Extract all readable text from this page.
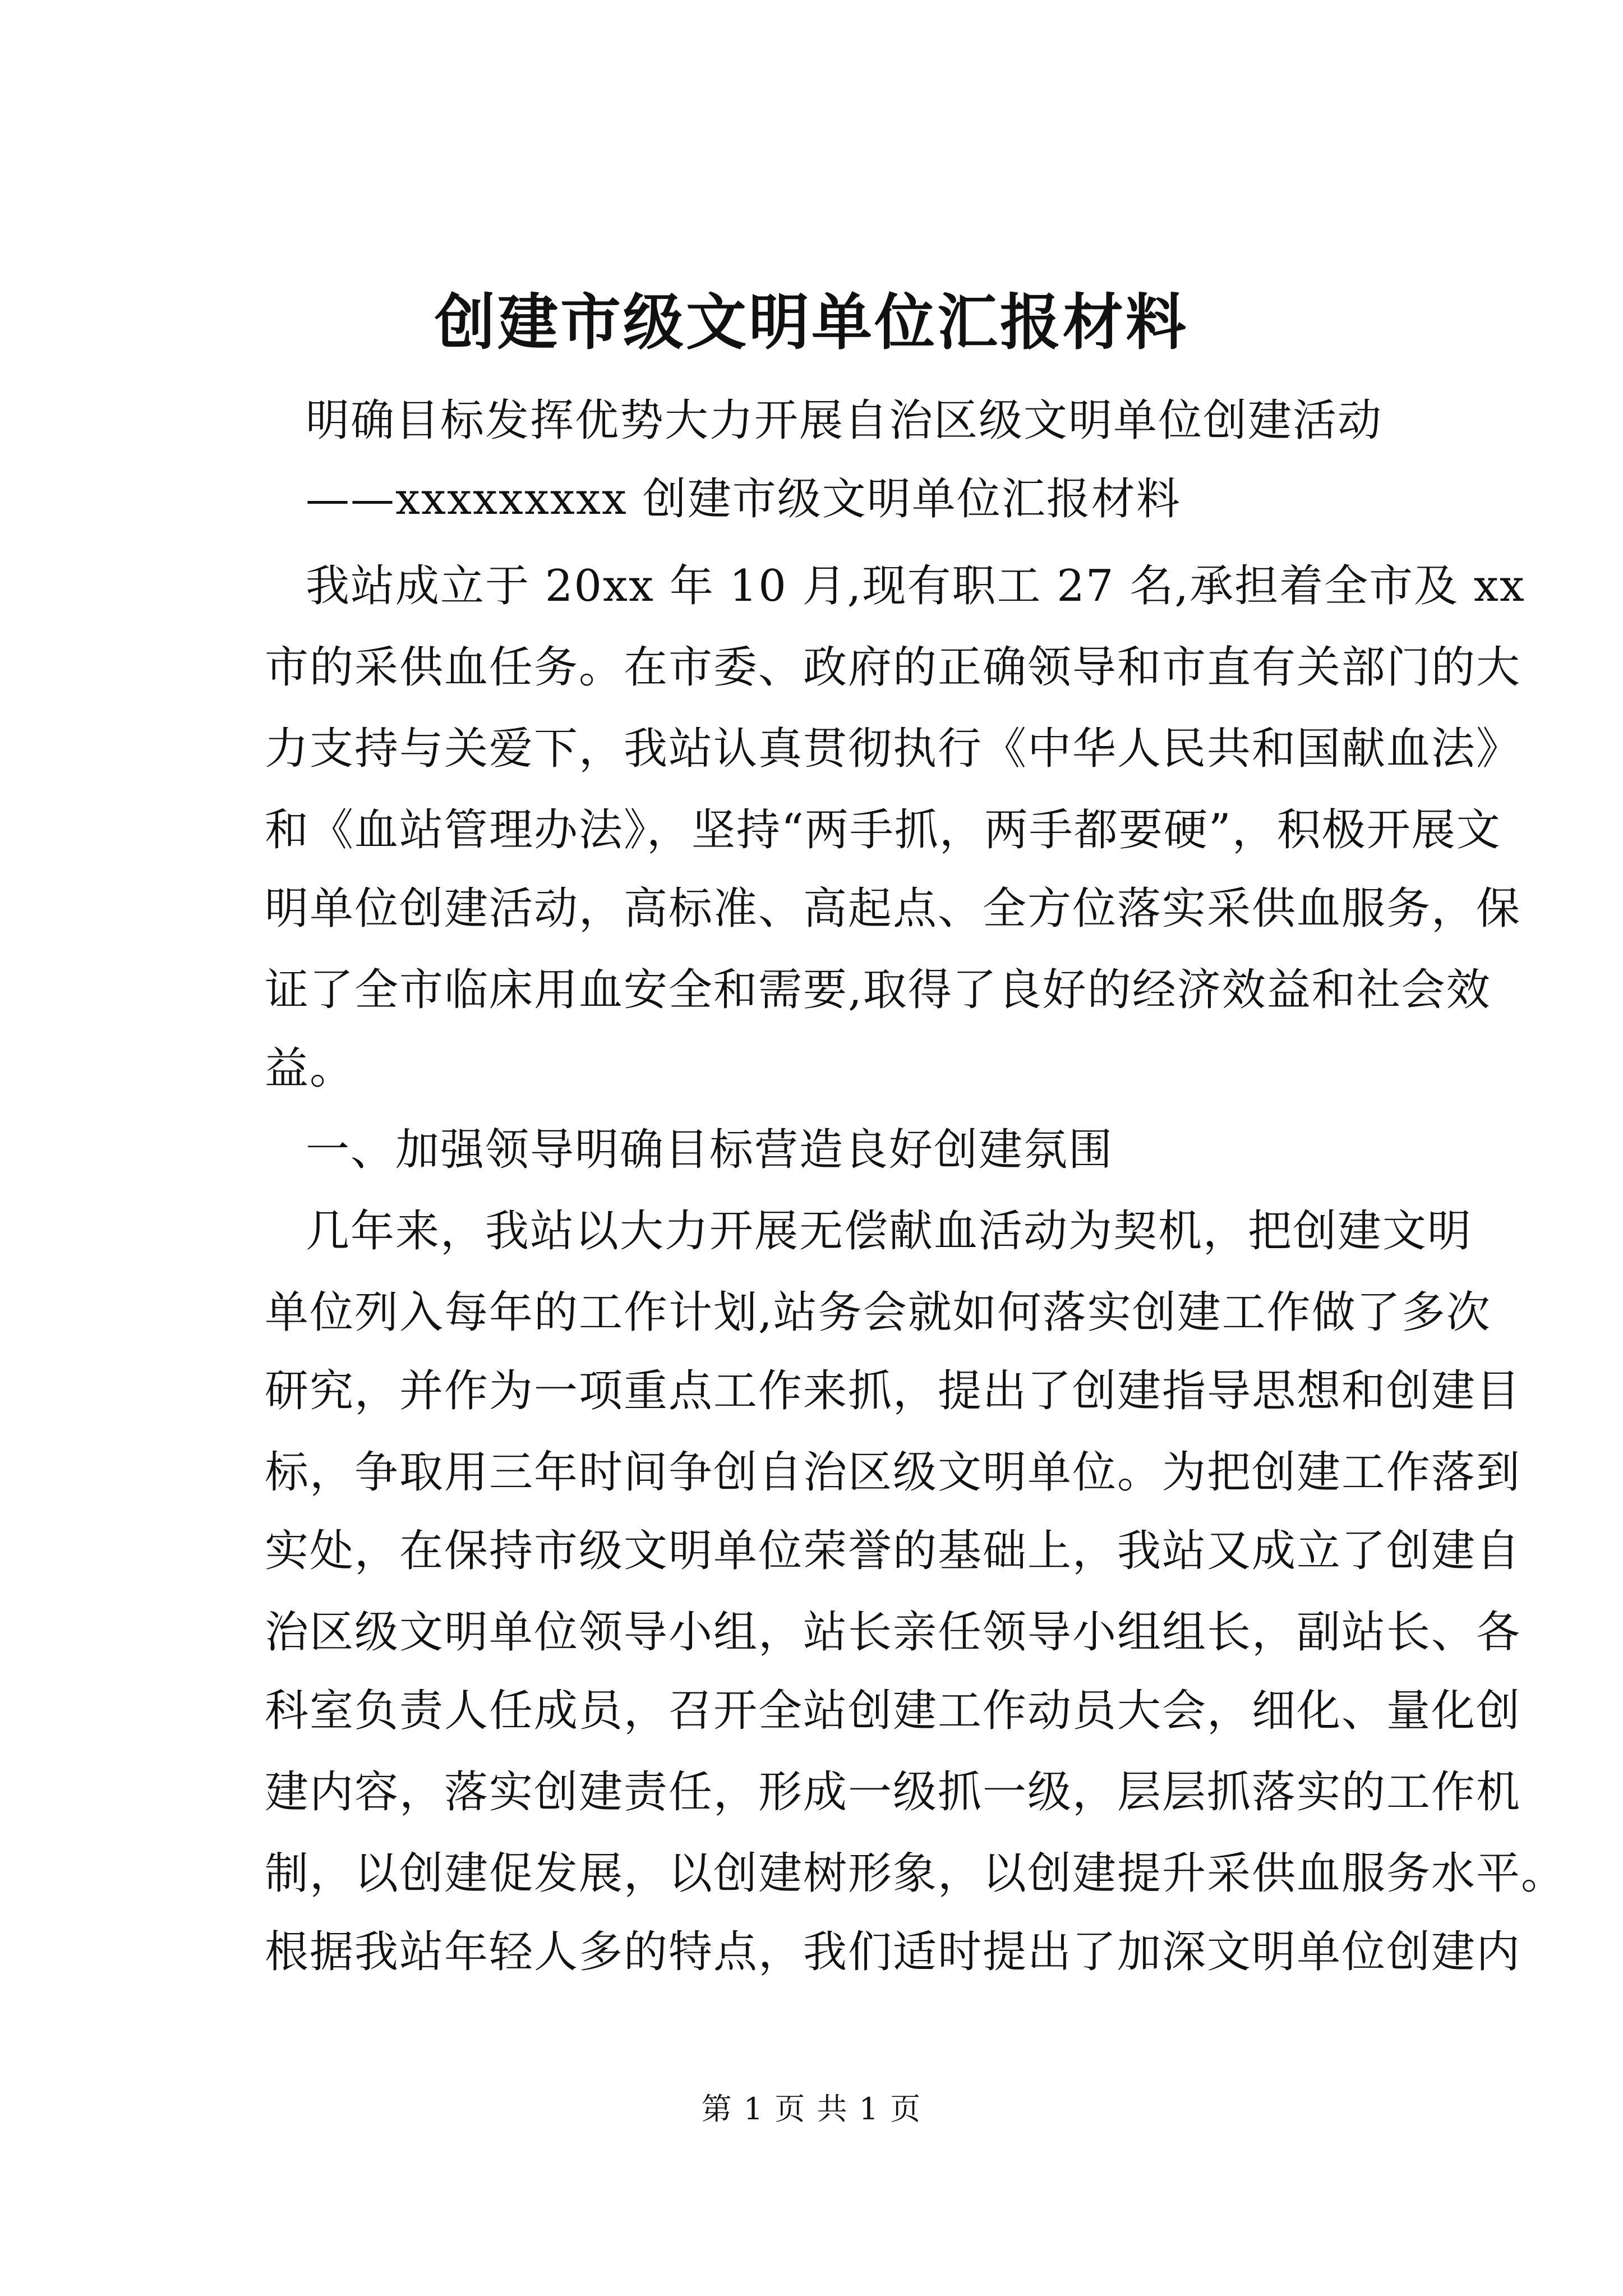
创建市级文明单位汇报材料
明确目标发挥优势大力开展自治区级文明单位创建活动
——xxxxxxxxx 创建市级文明单位汇报材料
我站成立于 20xx 年 10 月,现有职工 27 名,承担着全市及 xx
市的采供血任务。在市委、政府的正确领导和市直有关部门的大
力支持与关爱下，我站认真贯彻执行《中华人民共和国献血法》
和《血站管理办法》，坚持“两手抓，两手都要硬”，积极开展文
明单位创建活动，高标准、高起点、全方位落实采供血服务，保
证了全市临床用血安全和需要,取得了良好的经济效益和社会效
益。
一、加强领导明确目标营造良好创建氛围
几年来，我站以大力开展无偿献血活动为契机，把创建文明
单位列入每年的工作计划,站务会就如何落实创建工作做了多次
研究，并作为一项重点工作来抓，提出了创建指导思想和创建目
标，争取用三年时间争创自治区级文明单位。为把创建工作落到
实处，在保持市级文明单位荣誉的基础上，我站又成立了创建自
治区级文明单位领导小组，站长亲任领导小组组长，副站长、各
科室负责人任成员，召开全站创建工作动员大会，细化、量化创
建内容，落实创建责任，形成一级抓一级，层层抓落实的工作机
制，以创建促发展，以创建树形象，以创建提升采供血服务水平。
根据我站年轻人多的特点，我们适时提出了加深文明单位创建内
第 1 页 共 1 页
